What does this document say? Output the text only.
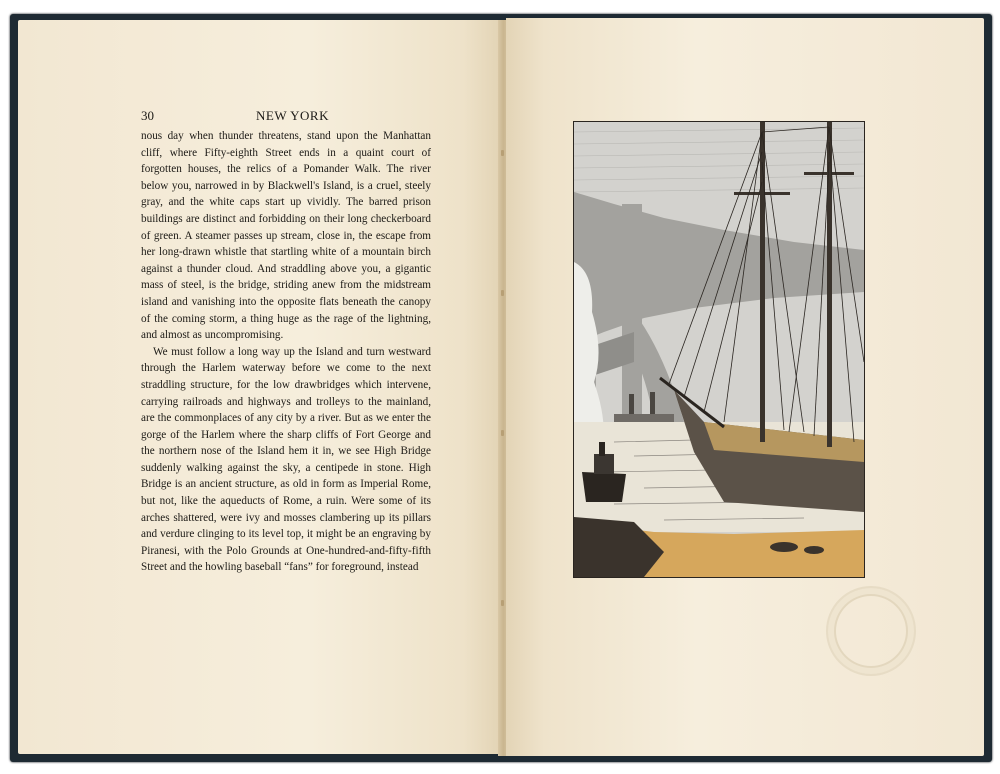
30	NEW YORK

nous day when thunder threatens, stand upon the Manhattan cliff, where Fifty-eighth Street ends in a quaint court of forgotten houses, the relics of a Pomander Walk. The river below you, narrowed in by Blackwell's Island, is a cruel, steely gray, and the white caps start up vividly. The barred prison buildings are distinct and forbidding on their long checkerboard of green. A steamer passes up stream, close in, the escape from her long-drawn whistle that startling white of a mountain birch against a thunder cloud. And straddling above you, a gigantic mass of steel, is the bridge, striding anew from the midstream island and vanishing into the opposite flats beneath the canopy of the coming storm, a thing huge as the rage of the lightning, and almost as uncompromising.

We must follow a long way up the Island and turn westward through the Harlem waterway before we come to the next straddling structure, for the low drawbridges which intervene, carrying railroads and highways and trolleys to the mainland, are the commonplaces of any city by a river. But as we enter the gorge of the Harlem where the sharp cliffs of Fort George and the northern nose of the Island hem it in, we see High Bridge suddenly walking against the sky, a centipede in stone. High Bridge is an ancient structure, as old in form as Imperial Rome, but not, like the aqueducts of Rome, a ruin. Were some of its arches shattered, were ivy and mosses clambering up its pillars and verdure clinging to its level top, it might be an engraving by Piranesi, with the Polo Grounds at One-hundred-and-fifty-fifth Street and the howling baseball “fans” for foreground, instead
